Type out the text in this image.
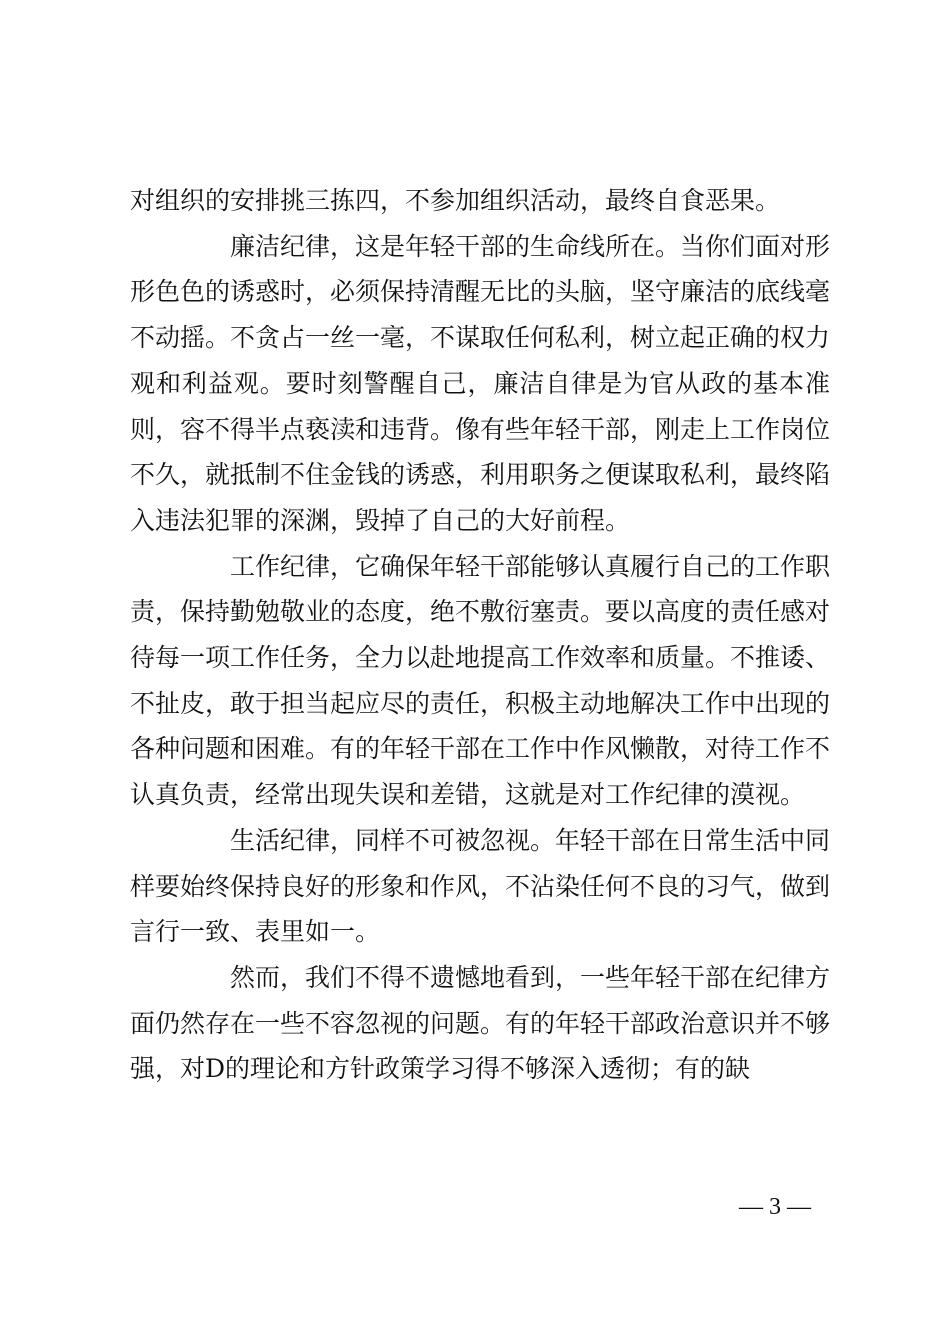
对组织的安排挑三拣四，不参加组织活动，最终自食恶果。

廉洁纪律，这是年轻干部的生命线所在。当你们面对形形色色的诱惑时，必须保持清醒无比的头脑，坚守廉洁的底线毫不动摇。不贪占一丝一毫，不谋取任何私利，树立起正确的权力观和利益观。要时刻警醒自己，廉洁自律是为官从政的基本准则，容不得半点亵渎和违背。像有些年轻干部，刚走上工作岗位不久，就抵制不住金钱的诱惑，利用职务之便谋取私利，最终陷入违法犯罪的深渊，毁掉了自己的大好前程。

工作纪律，它确保年轻干部能够认真履行自己的工作职责，保持勤勉敬业的态度，绝不敷衍塞责。要以高度的责任感对待每一项工作任务，全力以赴地提高工作效率和质量。不推诿、不扯皮，敢于担当起应尽的责任，积极主动地解决工作中出现的各种问题和困难。有的年轻干部在工作中作风懒散，对待工作不认真负责，经常出现失误和差错，这就是对工作纪律的漠视。

生活纪律，同样不可被忽视。年轻干部在日常生活中同样要始终保持良好的形象和作风，不沾染任何不良的习气，做到言行一致、表里如一。

然而，我们不得不遗憾地看到，一些年轻干部在纪律方面仍然存在一些不容忽视的问题。有的年轻干部政治意识并不够强，对D的理论和方针政策学习得不够深入透彻；有的缺

— 3 —
